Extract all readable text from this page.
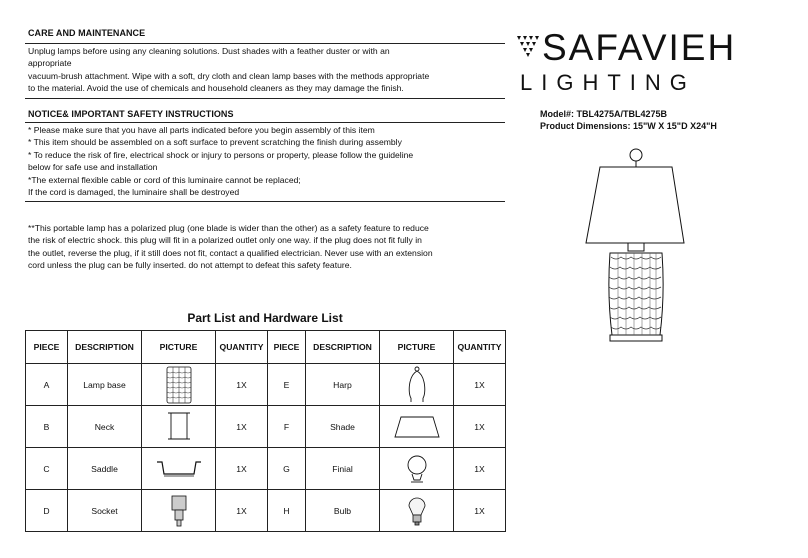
CARE AND MAINTENANCE
Unplug lamps before using any cleaning solutions. Dust shades with a feather duster or with an
appropriate
vacuum-brush attachment. Wipe with a soft, dry cloth and clean lamp bases with the methods appropriate
to the material. Avoid the use of chemicals and household cleaners as they may damage the finish.
NOTICE& IMPORTANT SAFETY INSTRUCTIONS
* Please make sure that you have all parts indicated before you begin assembly of this item
* This item should be assembled on a soft surface to prevent scratching the finish during assembly
* To reduce the risk of fire, electrical shock or injury to persons or property, please follow the guideline
below for safe use and installation
*The external flexible cable or cord of this luminaire cannot be replaced;
If the cord is damaged, the luminaire shall be destroyed
**This portable lamp has a polarized plug (one blade is wider than the other) as a safety feature to reduce
the risk of electric shock. this plug will fit in a polarized outlet only one way. if the plug does not fit fully in
the outlet, reverse the plug, if it still does not fit, contact a qualified electrician. Never use with an extension
cord unless the plug can be fully inserted. do not attempt to defeat this safety feature.
SAFAVIEH
LIGHTING
Model#: TBL4275A/TBL4275B
Product Dimensions: 15"W X 15"D X24"H
Part List and Hardware List
PIECE	DESCRIPTION	PICTURE	QUANTITY	PIECE	DESCRIPTION	PICTURE	QUANTITY
A	Lamp base		1X	E	Harp		1X
B	Neck		1X	F	Shade		1X
C	Saddle		1X	G	Finial		1X
D	Socket		1X	H	Bulb		1X
